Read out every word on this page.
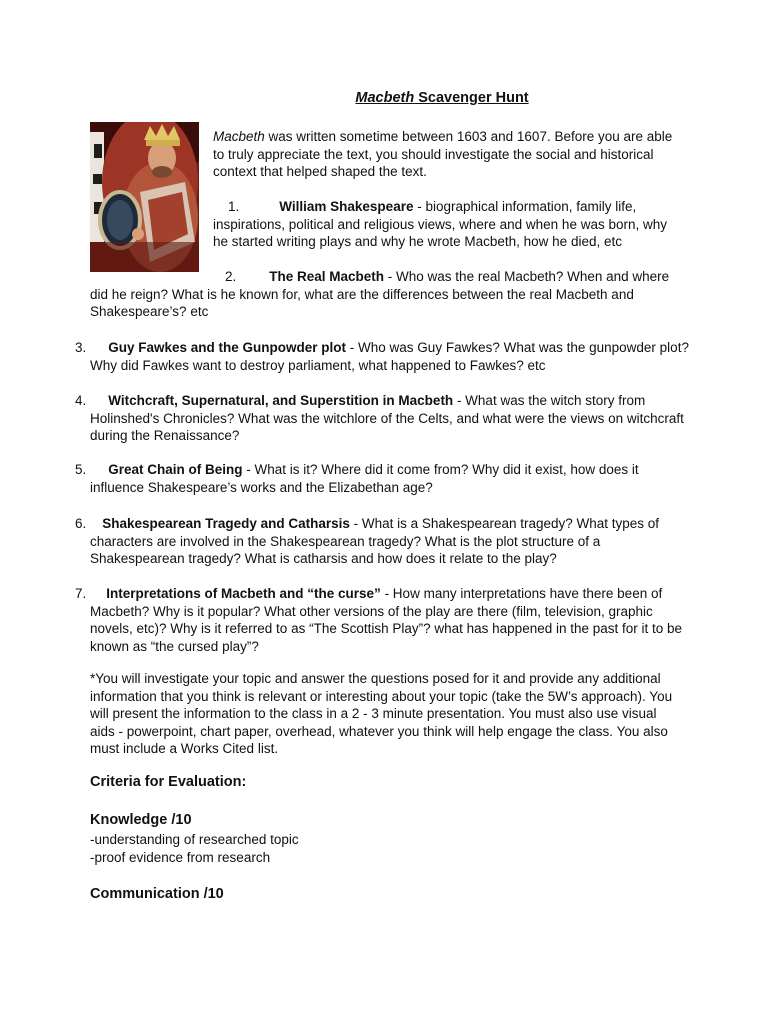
Macbeth Scavenger Hunt

Macbeth was written sometime between 1603 and 1607. Before you are able to truly appreciate the text, you should investigate the social and historical context that helped shaped the text.

1.	William Shakespeare - biographical information, family life, inspirations, political and religious views, where and when he was born, why he started writing plays and why he wrote Macbeth, how he died, etc

2. The Real Macbeth - Who was the real Macbeth? When and where did he reign? What is he known for, what are the differences between the real Macbeth and Shakespeare’s? etc

3. Guy Fawkes and the Gunpowder plot - Who was Guy Fawkes? What was the gunpowder plot? Why did Fawkes want to destroy parliament, what happened to Fawkes? etc

4. Witchcraft, Supernatural, and Superstition in Macbeth - What was the witch story from Holinshed's Chronicles? What was the witchlore of the Celts, and what were the views on witchcraft during the Renaissance?

5. Great Chain of Being - What is it? Where did it come from? Why did it exist, how does it influence Shakespeare’s works and the Elizabethan age?

6. Shakespearean Tragedy and Catharsis - What is a Shakespearean tragedy? What types of characters are involved in the Shakespearean tragedy? What is the plot structure of a Shakespearean tragedy? What is catharsis and how does it relate to the play?

7. Interpretations of Macbeth and “the curse” - How many interpretations have there been of Macbeth? Why is it popular? What other versions of the play are there (film, television, graphic novels, etc)? Why is it referred to as “The Scottish Play”? what has happened in the past for it to be known as “the cursed play”?

*You will investigate your topic and answer the questions posed for it and provide any additional information that you think is relevant or interesting about your topic (take the 5W’s approach). You will present the information to the class in a 2 - 3 minute presentation. You must also use visual aids - powerpoint, chart paper, overhead, whatever you think will help engage the class. You also must include a Works Cited list.

Criteria for Evaluation:

Knowledge /10

-understanding of researched topic

-proof evidence from research

Communication /10
